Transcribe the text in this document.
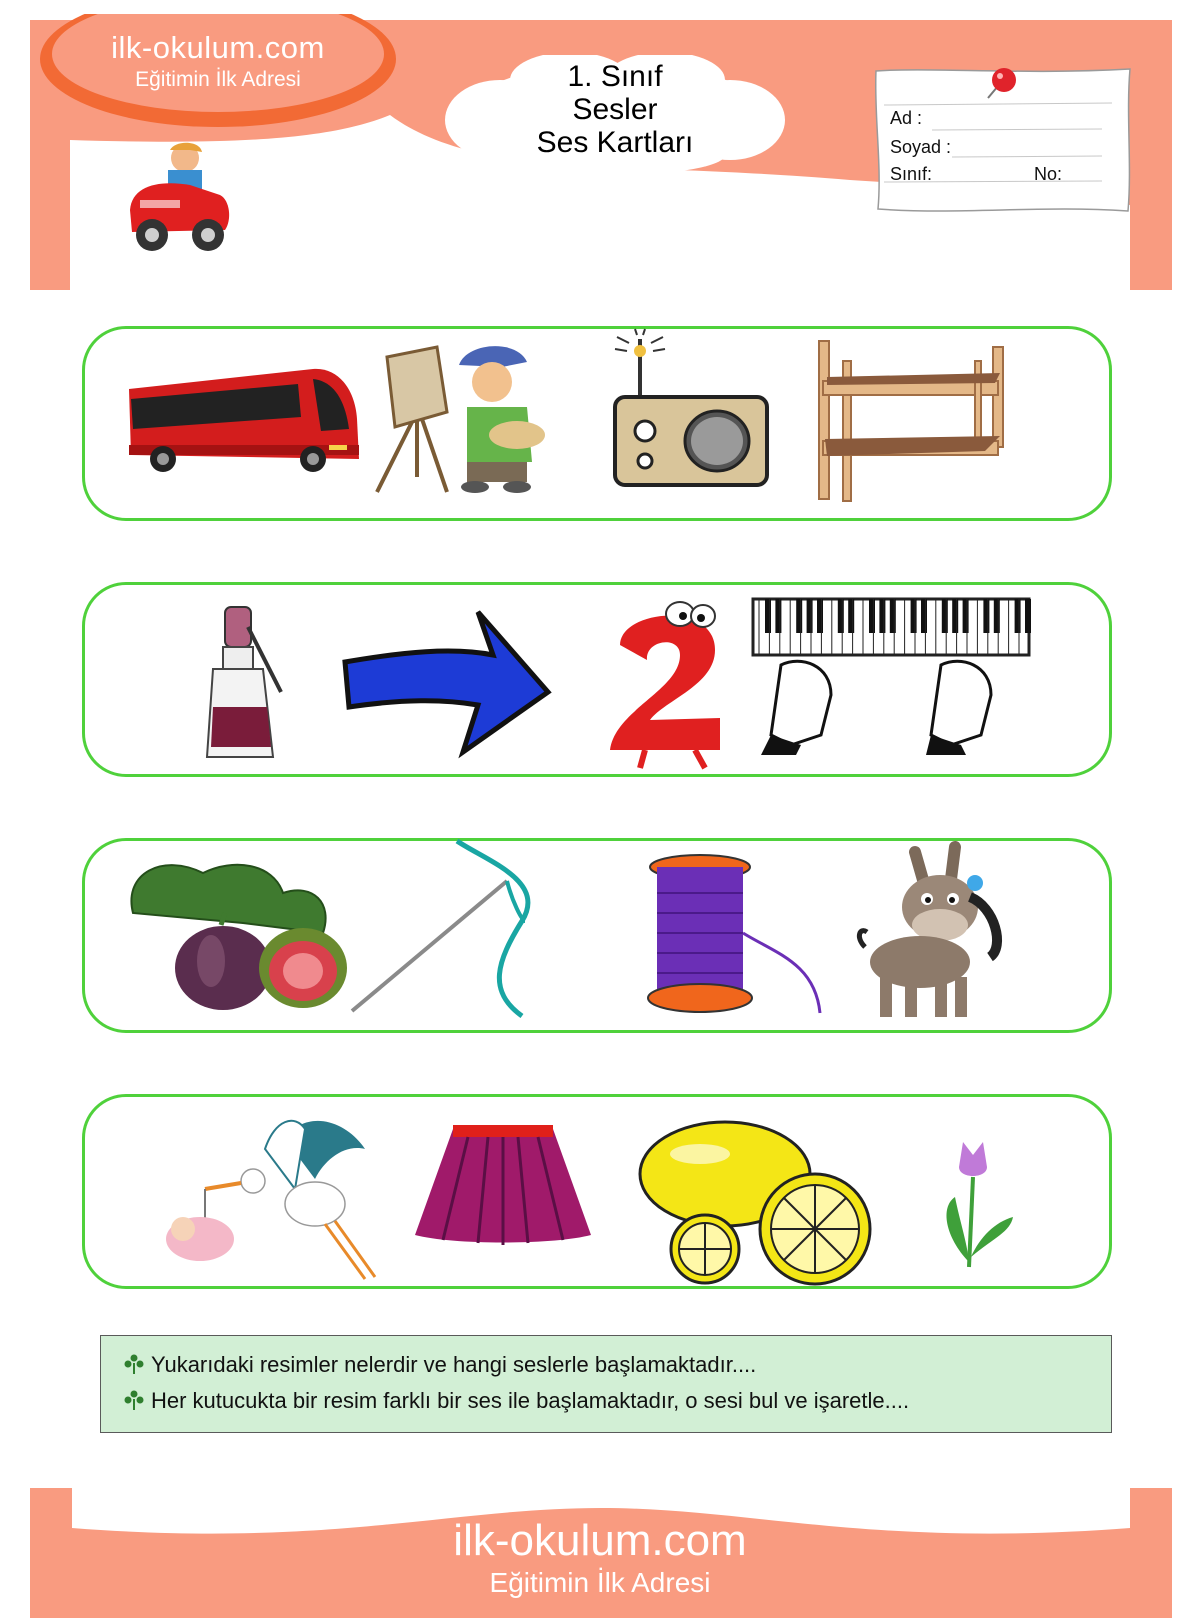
ilk-okulum.com
Eğitimin İlk Adresi	1. Sınıf
Sesler
Ses Kartları
Ad :
Soyad :
Sınıf:	No:
Yukarıdaki resimler nelerdir ve hangi seslerle başlamaktadır....
Her kutucukta bir resim farklı bir ses ile başlamaktadır, o sesi bul ve işaretle....
ilk-okulum.com
Eğitimin İlk Adresi
